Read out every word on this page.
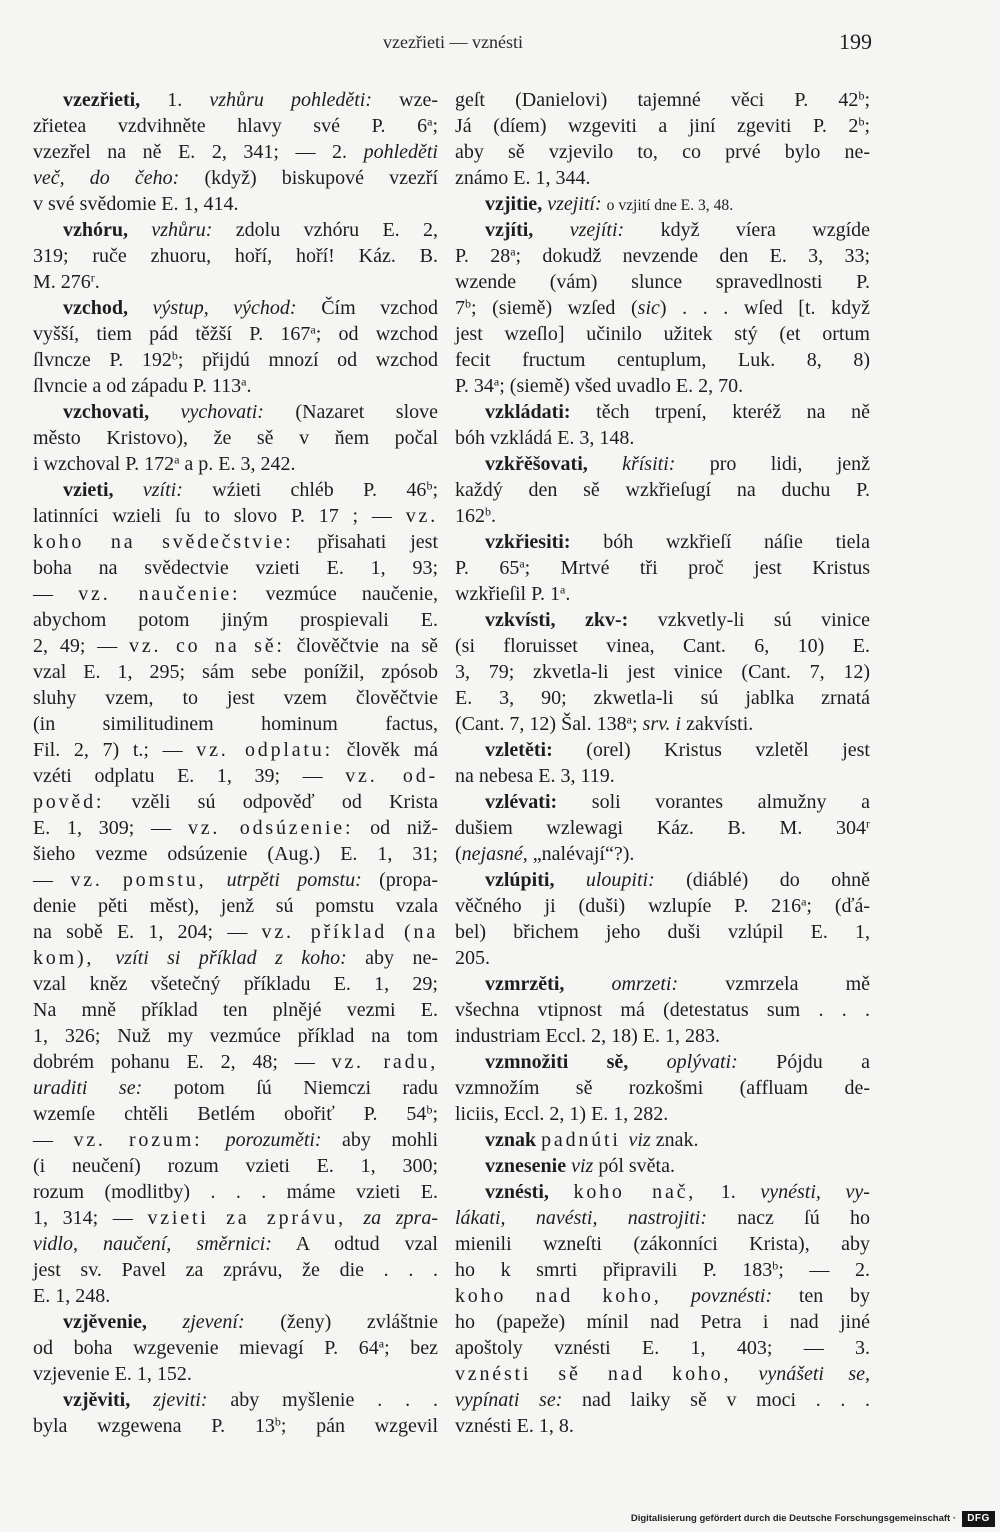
vzezřieti — vznésti	199
vzezřieti, 1. vzhůru pohleděti: wze-
zřietea vzdvihněte hlavy své P. 6$^a$;
vzezřel na ně E. 2, 341; — 2. pohleděti
več, do čeho: (když) biskupové vzezří
v své svědomie E. 1, 414.
vzhóru, vzhůru: zdolu vzhóru E. 2,
319; ruče zhuoru, hoří, hoří! Káz. B.
M. 276$^r$.
vzchod, výstup, východ: Čím vzchod
vyšší, tiem pád těžší P. 167$^a$; od wzchod
ſlvncze P. 192$^b$; přijdú mnozí od wzchod
ſlvncie a od západu P. 113$^a$.
vzchovati, vychovati: (Nazaret slove
město Kristovo), že sě v ňem počal
i wzchoval P. 172$^a$ a p. E. 3, 242.
vzieti, vzíti: wźieti chléb P. 46$^b$;
latinníci wzieli ſu to slovo P. 17 ; — vz.
koho na svědečstvie: přisahati jest
boha na svědectvie vzieti E. 1, 93;
— vz. naučenie: vezmúce naučenie,
abychom potom jiným prospievali E.
2, 49; — vz. co na sě: člověčtvie na sě
vzal E. 1, 295; sám sebe ponížil, zpósob
sluhy vzem, to jest vzem člověčtvie
(in similitudinem hominum factus,
Fil. 2, 7) t.; — vz. odplatu: člověk má
vzéti odplatu E. 1, 39; — vz. od-
pověd: vzěli sú odpověď od Krista
E. 1, 309; — vz. odsúzenie: od niž-
šieho vezme odsúzenie (Aug.) E. 1, 31;
— vz. pomstu, utrpěti pomstu: (propa-
denie pěti měst), jenž sú pomstu vzala
na sobě E. 1, 204; — vz. příklad (na
kom), vzíti si příklad z koho: aby ne-
vzal kněz všetečný příkladu E. 1, 29;
Na mně příklad ten plnějé vezmi E.
1, 326; Nuž my vezmúce příklad na tom
dobrém pohanu E. 2, 48; — vz. radu,
uraditi se: potom ſú Niemczi radu
wzemſe chtěli Betlém obořiť P. 54$^b$;
— vz. rozum: porozuměti: aby mohli
(i neučení) rozum vzieti E. 1, 300;
rozum (modlitby) . . . máme vzieti E.
1, 314; — vzieti za zprávu, za zpra-
vidlo, naučení, směrnici: A odtud vzal
jest sv. Pavel za zprávu, že die . . .
E. 1, 248.
vzjěvenie, zjevení: (ženy) zvláštnie
od boha wzgevenie mievagí P. 64$^a$; bez
vzjevenie E. 1, 152.
vzjěviti, zjeviti: aby myšlenie . . .
byla wzgewena P. 13$^b$; pán wzgevil
geſt (Danielovi) tajemné věci P. 42$^b$;
Já (díem) wzgeviti a jiní zgeviti P. 2$^b$;
aby sě vzjevilo to, co prvé bylo ne-
známo E. 1, 344.
vzjitie, vzejití: o vzjití dne E. 3, 48.
vzjíti, vzejíti: když víera wzgíde
P. 28$^a$; dokudž nevzende den E. 3, 33;
wzende (vám) slunce spravedlnosti P.
7$^b$; (siemě) wzſed (sic) . . . wſed [t. když
jest wzeſlo] učinilo užitek stý (et ortum
fecit fructum centuplum, Luk. 8, 8)
P. 34$^a$; (siemě) všed uvadlo E. 2, 70.
vzkládati: těch trpení, kteréž na ně
bóh vzkládá E. 3, 148.
vzkřěšovati, křísiti: pro lidi, jenž
každý den sě wzkřieſugí na duchu P.
162$^b$.
vzkřiesiti: bóh wzkřieſí náſie tiela
P. 65$^a$; Mrtvé tři proč jest Kristus
wzkřieſil P. 1$^a$.
vzkvísti, zkv-: vzkvetly-li sú vinice
(si floruisset vinea, Cant. 6, 10) E.
3, 79; zkvetla-li jest vinice (Cant. 7, 12)
E. 3, 90; zkwetla-li sú jablka zrnatá
(Cant. 7, 12) Šal. 138$^a$; srv. i zakvísti.
vzletěti: (orel) Kristus vzletěl jest
na nebesa E. 3, 119.
vzlévati: soli vorantes almužny a
dušiem wzlewagi Káz. B. M. 304$^r$
(nejasné, „nalévají“?).
vzlúpiti, uloupiti: (diáblé) do ohně
věčného ji (duši) wzlupíe P. 216$^a$; (ďá-
bel) břichem jeho duši vzlúpil E. 1,
205.
vzmrzěti, omrzeti: vzmrzela mě
všechna vtipnost má (detestatus sum . . .
industriam Eccl. 2, 18) E. 1, 283.
vzmnožiti sě, oplývati: Pójdu a
vzmnožím sě rozkošmi (affluam de-
liciis, Eccl. 2, 1) E. 1, 282.
vznak padnúti viz znak.
vznesenie viz pól světa.
vznésti, koho nač, 1. vynésti, vy-
lákati, navésti, nastrojiti: nacz ſú ho
mienili wzneſti (zákonníci Krista), aby
ho k smrti připravili P. 183$^b$; — 2.
koho nad koho, povznésti: ten by
ho (papeže) mínil nad Petra i nad jiné
apoštoly vznésti E. 1, 403; — 3.
vznésti sě nad koho, vynášeti se,
vypínati se: nad laiky sě v moci . . .
vznésti E. 1, 8.
Digitalisierung gefördert durch die Deutsche Forschungsgemeinschaft ·	DFG
